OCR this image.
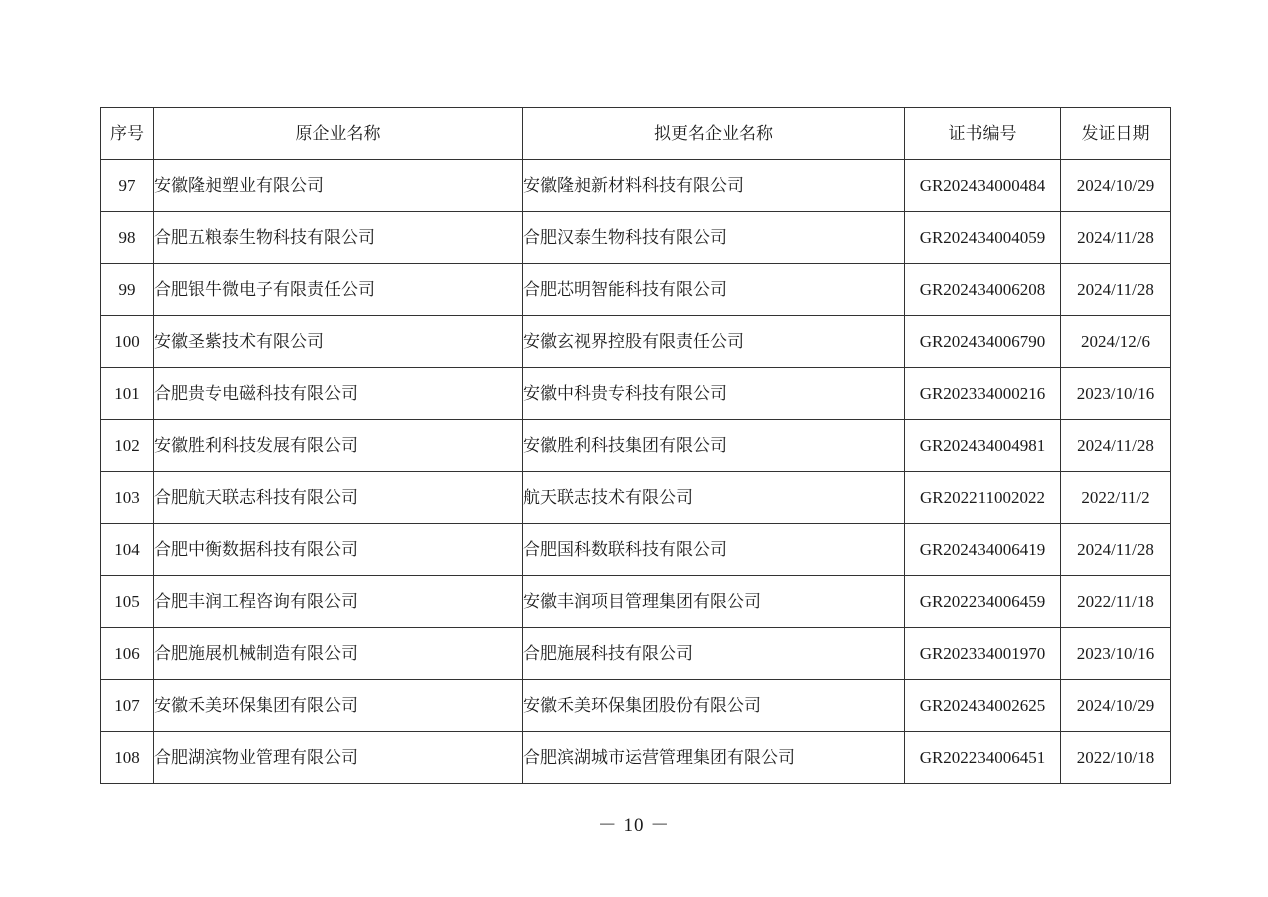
序号	原企业名称	拟更名企业名称	证书编号	发证日期
97	安徽隆昶塑业有限公司	安徽隆昶新材料科技有限公司	GR202434000484	2024/10/29
98	合肥五粮泰生物科技有限公司	合肥汉泰生物科技有限公司	GR202434004059	2024/11/28
99	合肥银牛微电子有限责任公司	合肥芯明智能科技有限公司	GR202434006208	2024/11/28
100	安徽圣紫技术有限公司	安徽玄视界控股有限责任公司	GR202434006790	2024/12/6
101	合肥贵专电磁科技有限公司	安徽中科贵专科技有限公司	GR202334000216	2023/10/16
102	安徽胜利科技发展有限公司	安徽胜利科技集团有限公司	GR202434004981	2024/11/28
103	合肥航天联志科技有限公司	航天联志技术有限公司	GR202211002022	2022/11/2
104	合肥中衡数据科技有限公司	合肥国科数联科技有限公司	GR202434006419	2024/11/28
105	合肥丰润工程咨询有限公司	安徽丰润项目管理集团有限公司	GR202234006459	2022/11/18
106	合肥施展机械制造有限公司	合肥施展科技有限公司	GR202334001970	2023/10/16
107	安徽禾美环保集团有限公司	安徽禾美环保集团股份有限公司	GR202434002625	2024/10/29
108	合肥湖滨物业管理有限公司	合肥滨湖城市运营管理集团有限公司	GR202234006451	2022/10/18
－ 10 －
